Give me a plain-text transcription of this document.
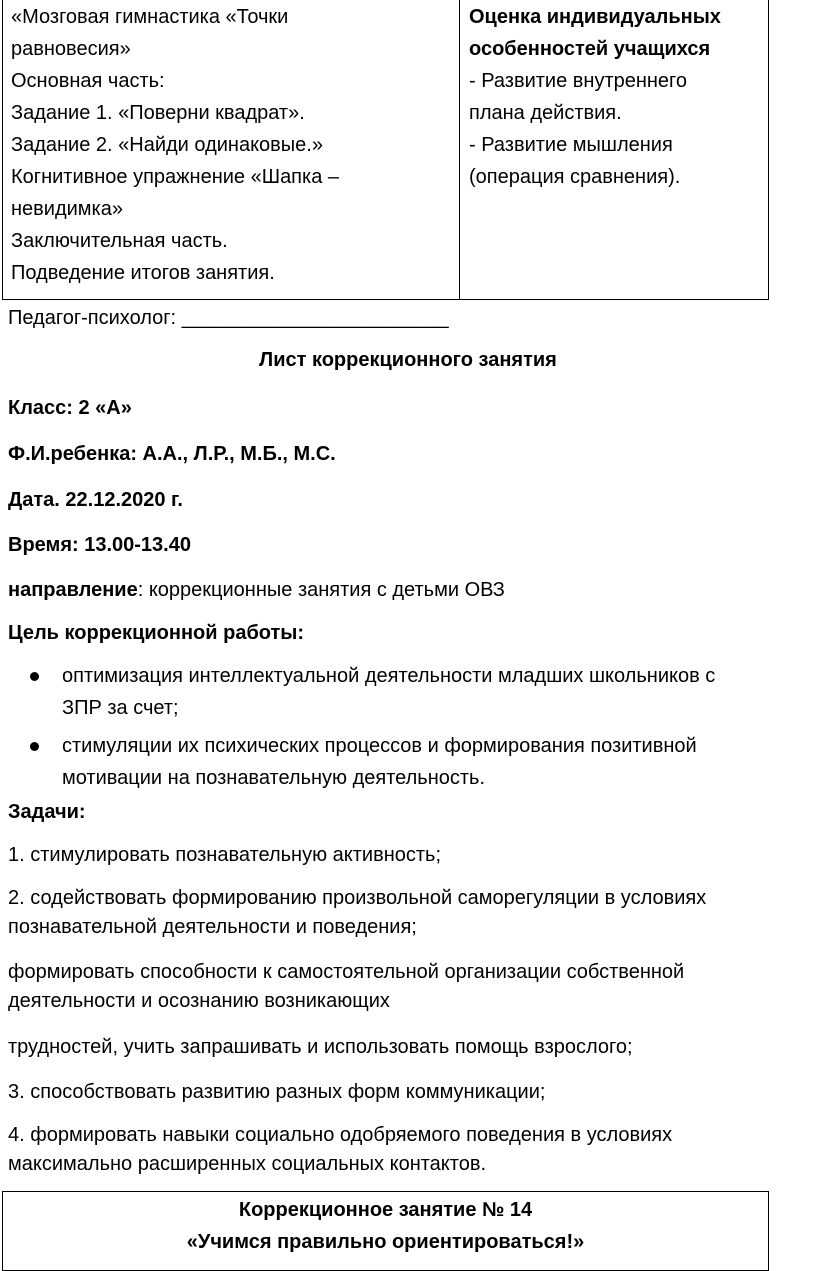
«Мозговая гимнастика «Точки
равновесия»
Основная часть:
Задание 1. «Поверни квадрат».
Задание 2. «Найди одинаковые.»
Когнитивное упражнение «Шапка –
невидимка»
Заключительная часть.
Подведение итогов занятия.
Оценка индивидуальных
особенностей учащихся
- Развитие внутреннего
плана действия.
- Развитие мышления
(операция сравнения).
Педагог-психолог: ________________________
Лист коррекционного занятия
Класс: 2 «А»
Ф.И.ребенка: А.А., Л.Р., М.Б., М.С.
Дата. 22.12.2020 г.
Время: 13.00-13.40
направление: коррекционные занятия с детьми ОВЗ
Цель коррекционной работы:
оптимизация интеллектуальной деятельности младших школьников с
ЗПР за счет;
стимуляции их психических процессов и формирования позитивной
мотивации на познавательную деятельность.
Задачи:
1. стимулировать познавательную активность;
2. содействовать формированию произвольной саморегуляции в условиях
познавательной деятельности и поведения;
формировать способности к самостоятельной организации собственной
деятельности и осознанию возникающих
трудностей, учить запрашивать и использовать помощь взрослого;
3. способствовать развитию разных форм коммуникации;
4. формировать навыки социально одобряемого поведения в условиях
максимально расширенных социальных контактов.
Коррекционное занятие № 14
«Учимся правильно ориентироваться!»
